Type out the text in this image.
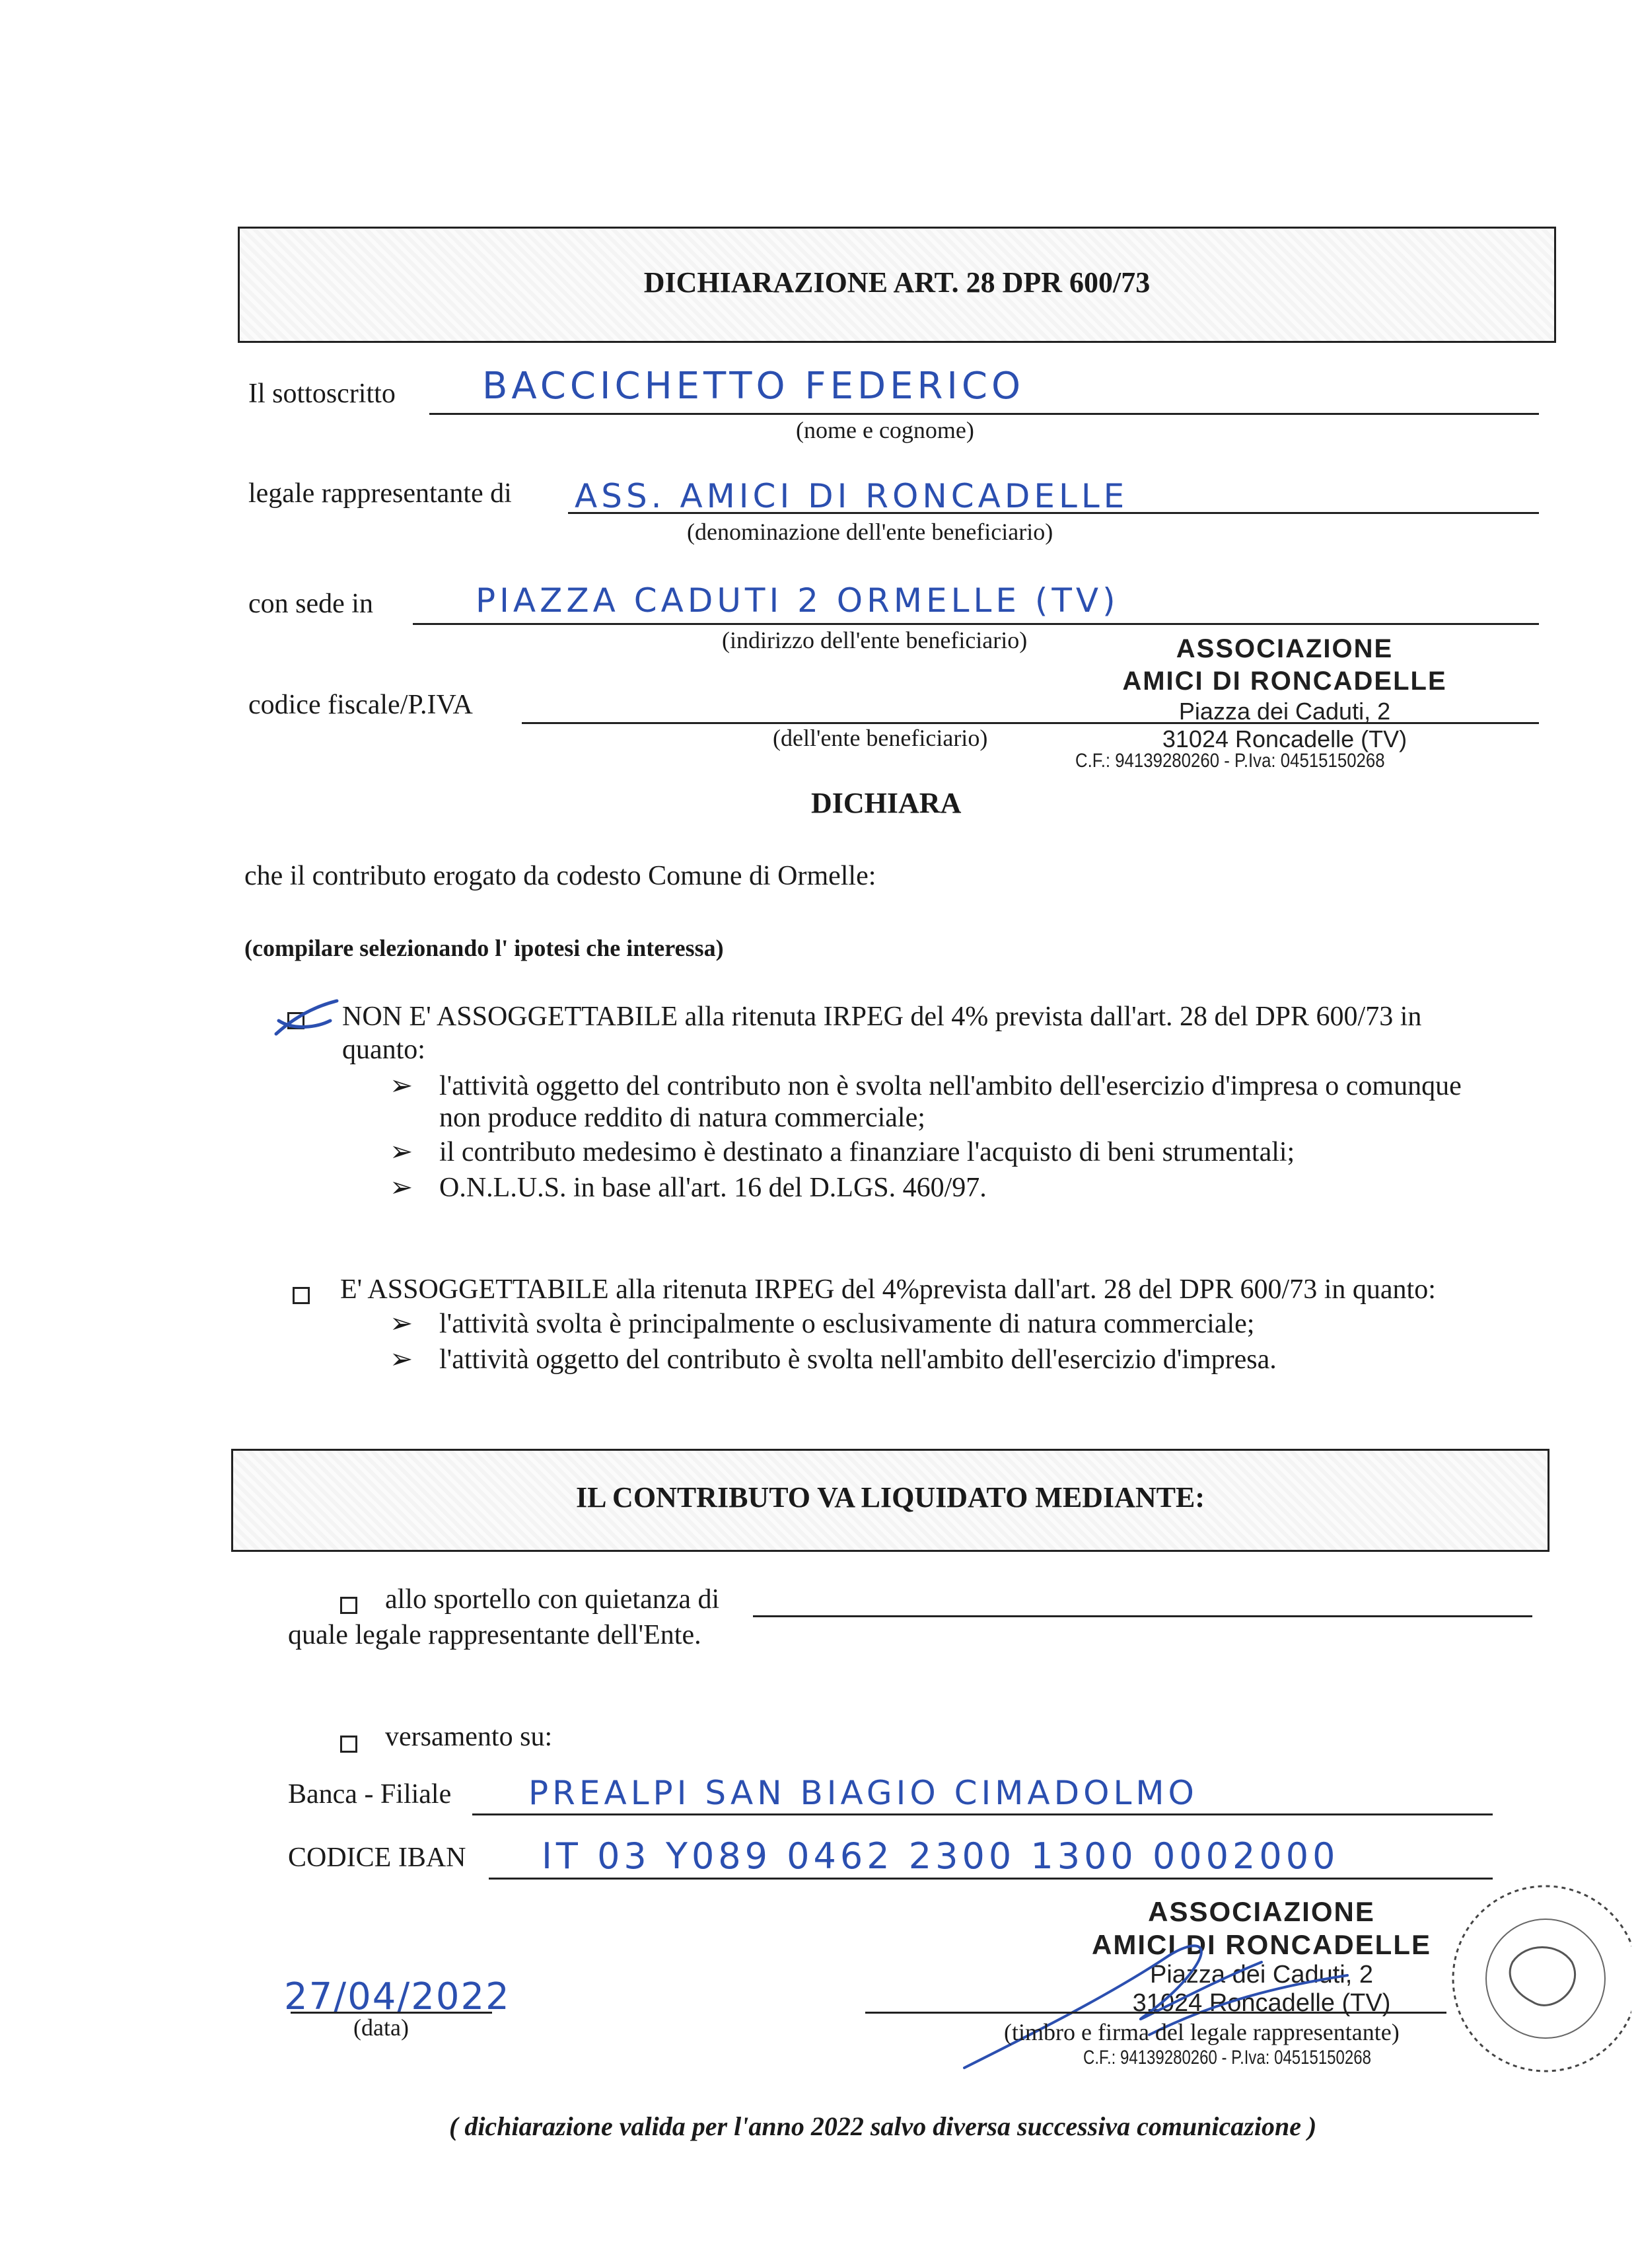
DICHIARAZIONE ART. 28 DPR 600/73
Il sottoscritto BACCICHETTO FEDERICO
(nome e cognome)
legale rappresentante di ASS. AMICI DI RONCADELLE
(denominazione dell'ente beneficiario)
con sede in	PIAZZA CADUTI 2 ORMELLE (TV)
(indirizzo dell'ente beneficiario)	ASSOCIAZIONE
AMICI DI RONCADELLE
Piazza dei Caduti, 2
31024 Roncadelle (TV)
C.F.: 94139280260 - P.Iva: 04515150268
codice fiscale/P.IVA
(dell'ente beneficiario)
DICHIARA
che il contributo erogato da codesto Comune di Ormelle:
(compilare selezionando l' ipotesi che interessa)
NON E' ASSOGGETTABILE alla ritenuta IRPEG del 4% prevista dall'art. 28 del DPR 600/73 in
quanto:
➢ l'attività oggetto del contributo non è svolta nell'ambito dell'esercizio d'impresa o comunque
non produce reddito di natura commerciale;
➢ il contributo medesimo è destinato a finanziare l'acquisto di beni strumentali;
➢ O.N.L.U.S. in base all'art. 16 del D.LGS. 460/97.
E' ASSOGGETTABILE alla ritenuta IRPEG del 4%prevista dall'art. 28 del DPR 600/73 in quanto:
➢ l'attività svolta è principalmente o esclusivamente di natura commerciale;
➢ l'attività oggetto del contributo è svolta nell'ambito dell'esercizio d'impresa.
IL CONTRIBUTO VA LIQUIDATO MEDIANTE:
allo sportello con quietanza di
quale legale rappresentante dell'Ente.
versamento su:
Banca - Filiale PREALPI SAN BIAGIO CIMADOLMO
CODICE IBAN IT 03 Y089 0462 2300 1300 0002000
ASSOCIAZIONE
AMICI DI RONCADELLE
Piazza dei Caduti, 2
31024 Roncadelle (TV)
C.F.: 94139280260 - P.Iva: 04515150268
27/04/2022
(data)	(timbro e firma del legale rappresentante)
( dichiarazione valida per l'anno 2022 salvo diversa successiva comunicazione )
